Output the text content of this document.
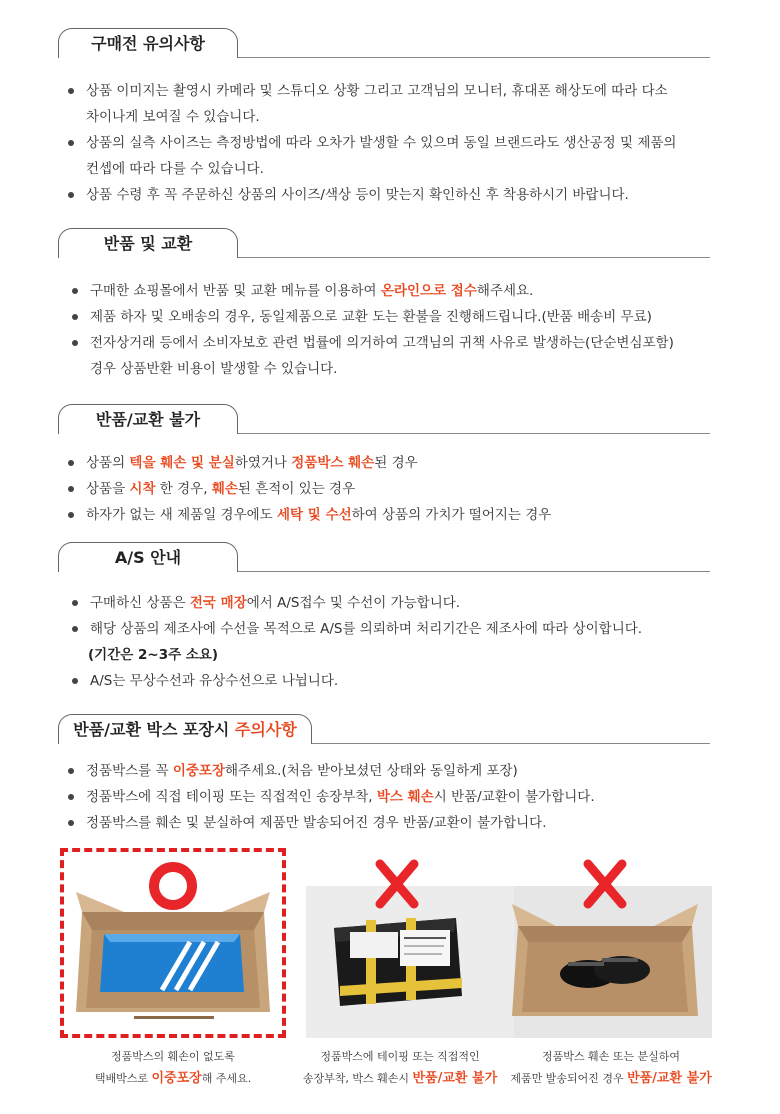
구매전 유의사항
상품 이미지는 촬영시 카메라 및 스튜디오 상황 그리고 고객님의 모니터, 휴대폰 해상도에 따라 다소
차이나게 보여질 수 있습니다.
상품의 실측 사이즈는 측정방법에 따라 오차가 발생할 수 있으며 동일 브랜드라도 생산공정 및 제품의
컨셉에 따라 다를 수 있습니다.
상품 수령 후 꼭 주문하신 상품의 사이즈/색상 등이 맞는지 확인하신 후 착용하시기 바랍니다.
반품 및 교환
구매한 쇼핑몰에서 반품 및 교환 메뉴를 이용하여 온라인으로 접수해주세요.
제품 하자 및 오배송의 경우, 동일제품으로 교환 도는 환불을 진행해드립니다.(반품 배송비 무료)
전자상거래 등에서 소비자보호 관련 법률에 의거하여 고객님의 귀책 사유로 발생하는(단순변심포함)
경우 상품반환 비용이 발생할 수 있습니다.
반품/교환 불가
상품의 텍을 훼손 및 분실하였거나 정품박스 훼손된 경우
상품을 시착 한 경우, 훼손된 흔적이 있는 경우
하자가 없는 새 제품일 경우에도 세탁 및 수선하여 상품의 가치가 떨어지는 경우
A/S 안내
구매하신 상품은 전국 매장에서 A/S접수 및 수선이 가능합니다.
해당 상품의 제조사에 수선을 목적으로 A/S를 의뢰하며 처리기간은 제조사에 따라 상이합니다.
(기간은 2~3주 소요)
A/S는 무상수선과 유상수선으로 나뉩니다.
반품/교환 박스 포장시 주의사항
정품박스를 꼭 이중포장해주세요.(처음 받아보셨던 상태와 동일하게 포장)
정품박스에 직접 테이핑 또는 직접적인 송장부착, 박스 훼손시 반품/교환이 불가합니다.
정품박스를 훼손 및 분실하여 제품만 발송되어진 경우 반품/교환이 불가합니다.
정품박스의 훼손이 없도록
택배박스로 이중포장해 주세요.
정품박스에 테이핑 또는 직접적인
송장부착, 박스 훼손시 반품/교환 불가
정품박스 훼손 또는 분실하여
제품만 발송되어진 경우 반품/교환 불가
